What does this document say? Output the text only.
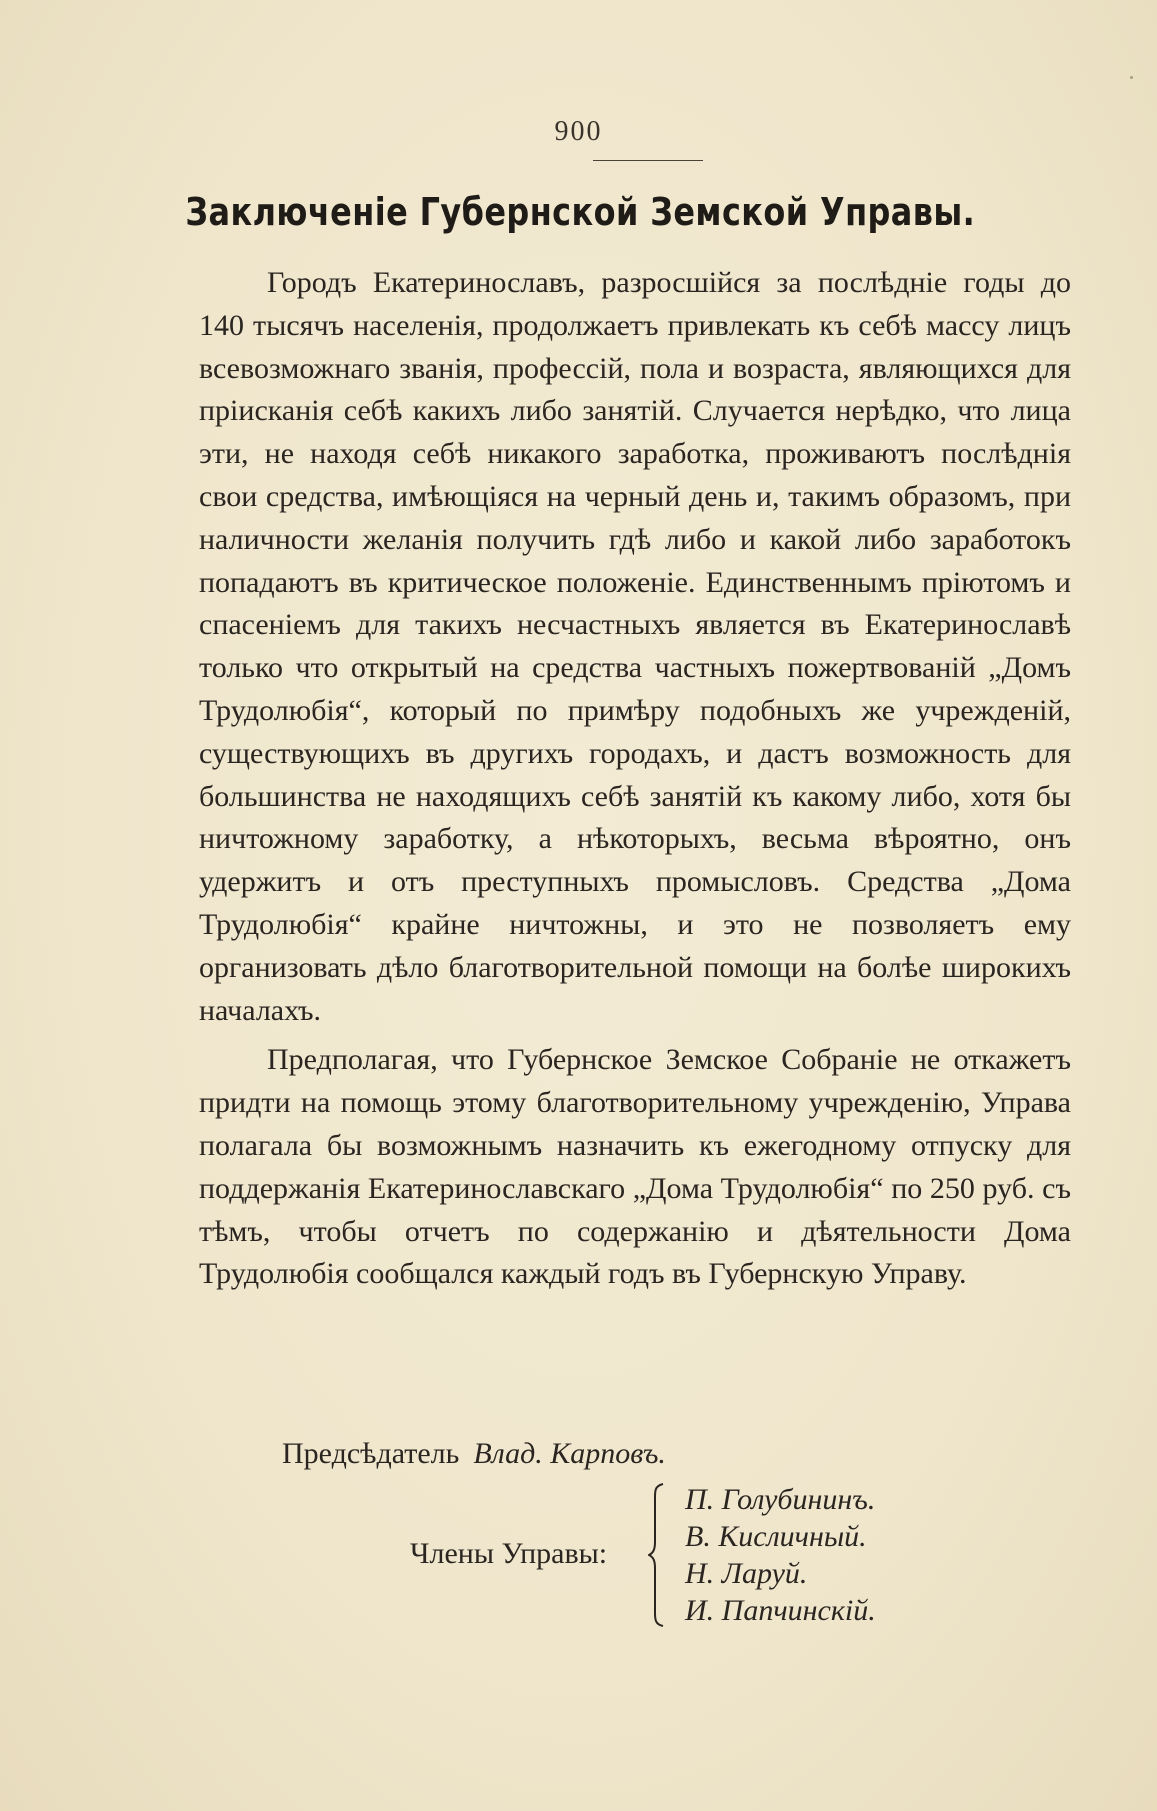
900
Заключеніе Губернской Земской Управы.

Городъ Екатеринославъ, разросшійся за послѣдніе годы до 140 тысячъ населенія, продолжаетъ привлекать къ себѣ массу лицъ всевозможнаго званія, профессій, пола и возраста, являющихся для пріисканія себѣ какихъ либо занятій. Случается нерѣдко, что лица эти, не находя себѣ никакого заработка, проживаютъ послѣднія свои средства, имѣющіяся на черный день и, такимъ образомъ, при наличности желанія получить гдѣ либо и какой либо заработокъ попадаютъ въ критическое положеніе. Единственнымъ пріютомъ и спасеніемъ для такихъ несчастныхъ является въ Екатеринославѣ только что открытый на средства частныхъ пожертвованій „Домъ Трудолюбія“, который по примѣру подобныхъ же учрежденій, существующихъ въ другихъ городахъ, и дастъ возможность для большинства не находящихъ себѣ занятій къ какому либо, хотя бы ничтожному заработку, а нѣкоторыхъ, весьма вѣроятно, онъ удержитъ и отъ преступныхъ промысловъ. Средства „Дома Трудолюбія“ крайне ничтожны, и это не позволяетъ ему организовать дѣло благотворительной помощи на болѣе широкихъ началахъ.

Предполагая, что Губернское Земское Собраніе не откажетъ придти на помощь этому благотворительному учрежденію, Управа полагала бы возможнымъ назначить къ ежегодному отпуску для поддержанія Екатеринославскаго „Дома Трудолюбія“ по 250 руб. съ тѣмъ, чтобы отчетъ по содержанію и дѣятельности Дома Трудолюбія сообщался каждый годъ въ Губернскую Управу.

Предсѣдатель Влад. Карповъ.
Члены Управы:
П. Голубининъ.
В. Кисличный.
Н. Ларуй.
И. Папчинскій.
